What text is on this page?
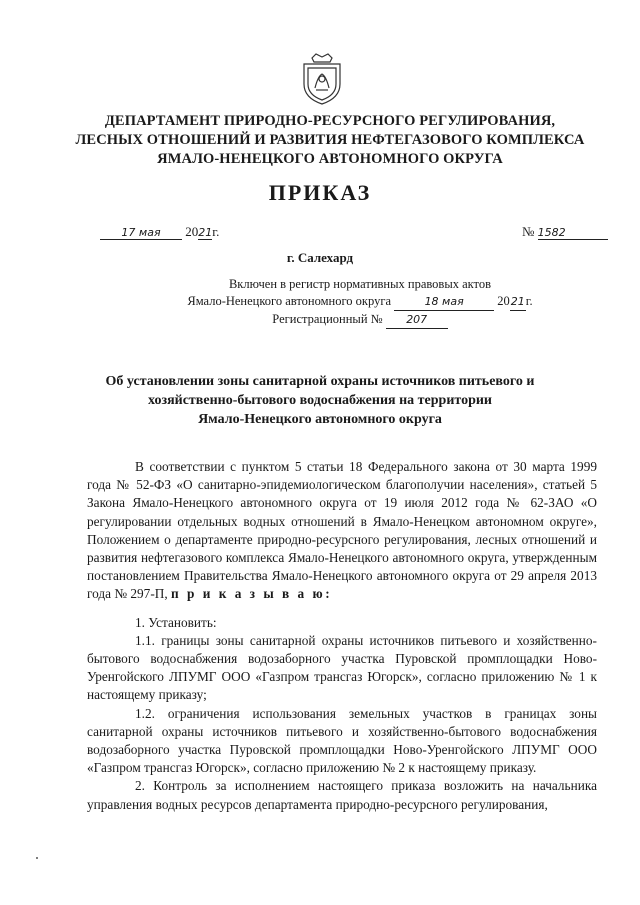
ДЕПАРТАМЕНТ ПРИРОДНО-РЕСУРСНОГО РЕГУЛИРОВАНИЯ,
ЛЕСНЫХ ОТНОШЕНИЙ И РАЗВИТИЯ НЕФТЕГАЗОВОГО КОМПЛЕКСА
ЯМАЛО-НЕНЕЦКОГО АВТОНОМНОГО ОКРУГА
ПРИКАЗ
17 мая 2021г.	№ 1582
г. Салехард
Включен в регистр нормативных правовых актов
Ямало-Ненецкого автономного округа	18 мая	2021г.
Регистрационный № 207
Об установлении зоны санитарной охраны источников питьевого и
хозяйственно-бытового водоснабжения на территории
Ямало-Ненецкого автономного округа

В соответствии с пунктом 5 статьи 18 Федерального закона от 30 марта 1999 года № 52-ФЗ «О санитарно-эпидемиологическом благополучии населения», статьей 5 Закона Ямало-Ненецкого автономного округа от 19 июля 2012 года № 62-ЗАО «О регулировании отдельных водных отношений в Ямало-Ненецком автономном округе», Положением о департаменте природно-ресурсного регулирования, лесных отношений и развития нефтегазового комплекса Ямало-Ненецкого автономного округа, утвержденным постановлением Правительства Ямало-Ненецкого автономного округа от 29 апреля 2013 года № 297-П, п р и к а з ы в а ю:

1. Установить:

1.1. границы зоны санитарной охраны источников питьевого и хозяйственно-бытового водоснабжения водозаборного участка Пуровской промплощадки Ново-Уренгойского ЛПУМГ ООО «Газпром трансгаз Югорск», согласно приложению № 1 к настоящему приказу;

1.2. ограничения использования земельных участков в границах зоны санитарной охраны источников питьевого и хозяйственно-бытового водоснабжения водозаборного участка Пуровской промплощадки Ново-Уренгойского ЛПУМГ ООО «Газпром трансгаз Югорск», согласно приложению № 2 к настоящему приказу.

2. Контроль за исполнением настоящего приказа возложить на начальника управления водных ресурсов департамента природно-ресурсного регулирования,
